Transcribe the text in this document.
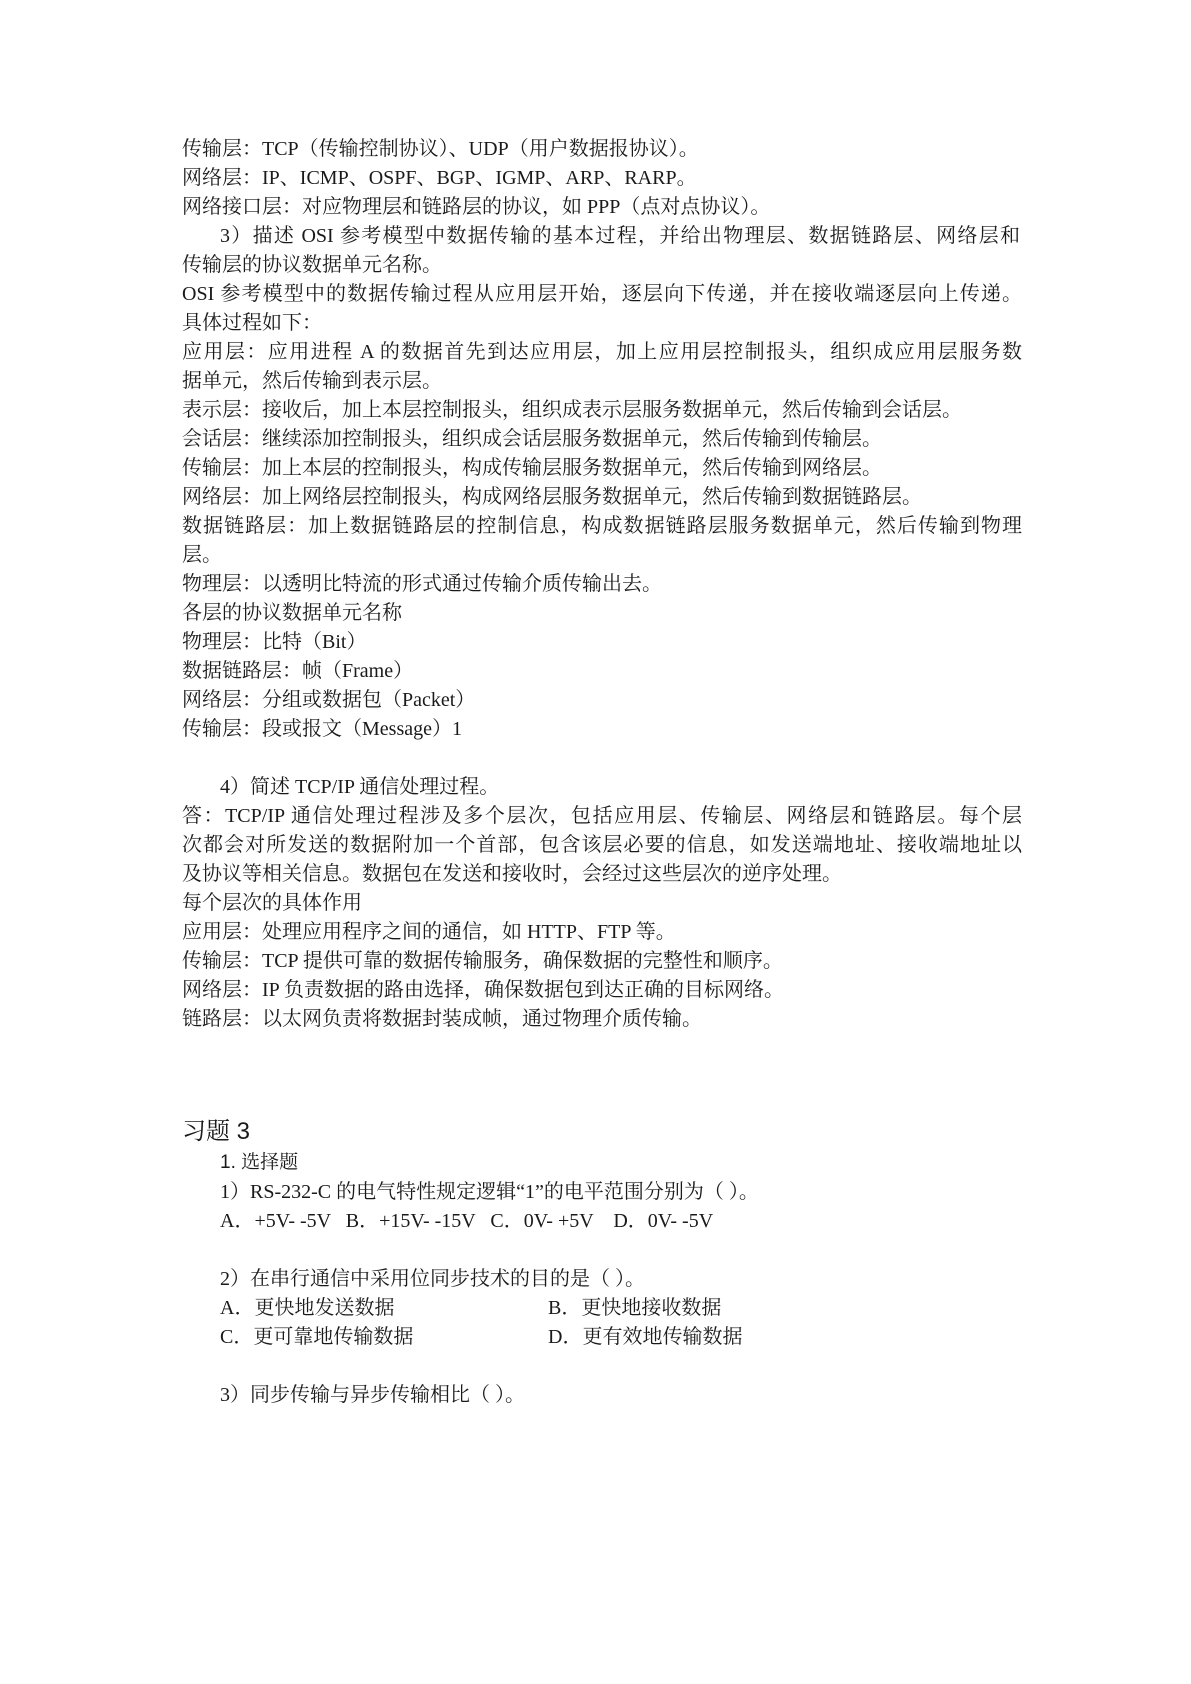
传输层：TCP（传输控制协议）、UDP（用户数据报协议）。
网络层：IP、ICMP、OSPF、BGP、IGMP、ARP、RARP。
网络接口层：对应物理层和链路层的协议，如 PPP（点对点协议）。
3）描述 OSI 参考模型中数据传输的基本过程，并给出物理层、数据链路层、网络层和
传输层的协议数据单元名称。
OSI 参考模型中的数据传输过程从应用层开始，逐层向下传递，并在接收端逐层向上传递。
具体过程如下：
应用层：应用进程 A 的数据首先到达应用层，加上应用层控制报头，组织成应用层服务数
据单元，然后传输到表示层。
表示层：接收后，加上本层控制报头，组织成表示层服务数据单元，然后传输到会话层。
会话层：继续添加控制报头，组织成会话层服务数据单元，然后传输到传输层。
传输层：加上本层的控制报头，构成传输层服务数据单元，然后传输到网络层。
网络层：加上网络层控制报头，构成网络层服务数据单元，然后传输到数据链路层。
数据链路层：加上数据链路层的控制信息，构成数据链路层服务数据单元，然后传输到物理
层。
物理层：以透明比特流的形式通过传输介质传输出去。
各层的协议数据单元名称
物理层：比特（Bit）
数据链路层：帧（Frame）
网络层：分组或数据包（Packet）
传输层：段或报文（Message）1
4）简述 TCP/IP 通信处理过程。
答：TCP/IP 通信处理过程涉及多个层次，包括应用层、传输层、网络层和链路层。每个层
次都会对所发送的数据附加一个首部，包含该层必要的信息，如发送端地址、接收端地址以
及协议等相关信息。数据包在发送和接收时，会经过这些层次的逆序处理。
每个层次的具体作用
应用层：处理应用程序之间的通信，如 HTTP、FTP 等。
传输层：TCP 提供可靠的数据传输服务，确保数据的完整性和顺序。
网络层：IP 负责数据的路由选择，确保数据包到达正确的目标网络。
链路层：以太网负责将数据封装成帧，通过物理介质传输。
习题 3
1. 选择题
1）RS-232-C 的电气特性规定逻辑“1”的电平范围分别为（ ）。
A．+5V- -5V   B．+15V- -15V   C．0V- +5V    D．0V- -5V
2）在串行通信中采用位同步技术的目的是（ ）。
A．更快地发送数据	B．更快地接收数据
C．更可靠地传输数据	D．更有效地传输数据
3）同步传输与异步传输相比（ ）。
